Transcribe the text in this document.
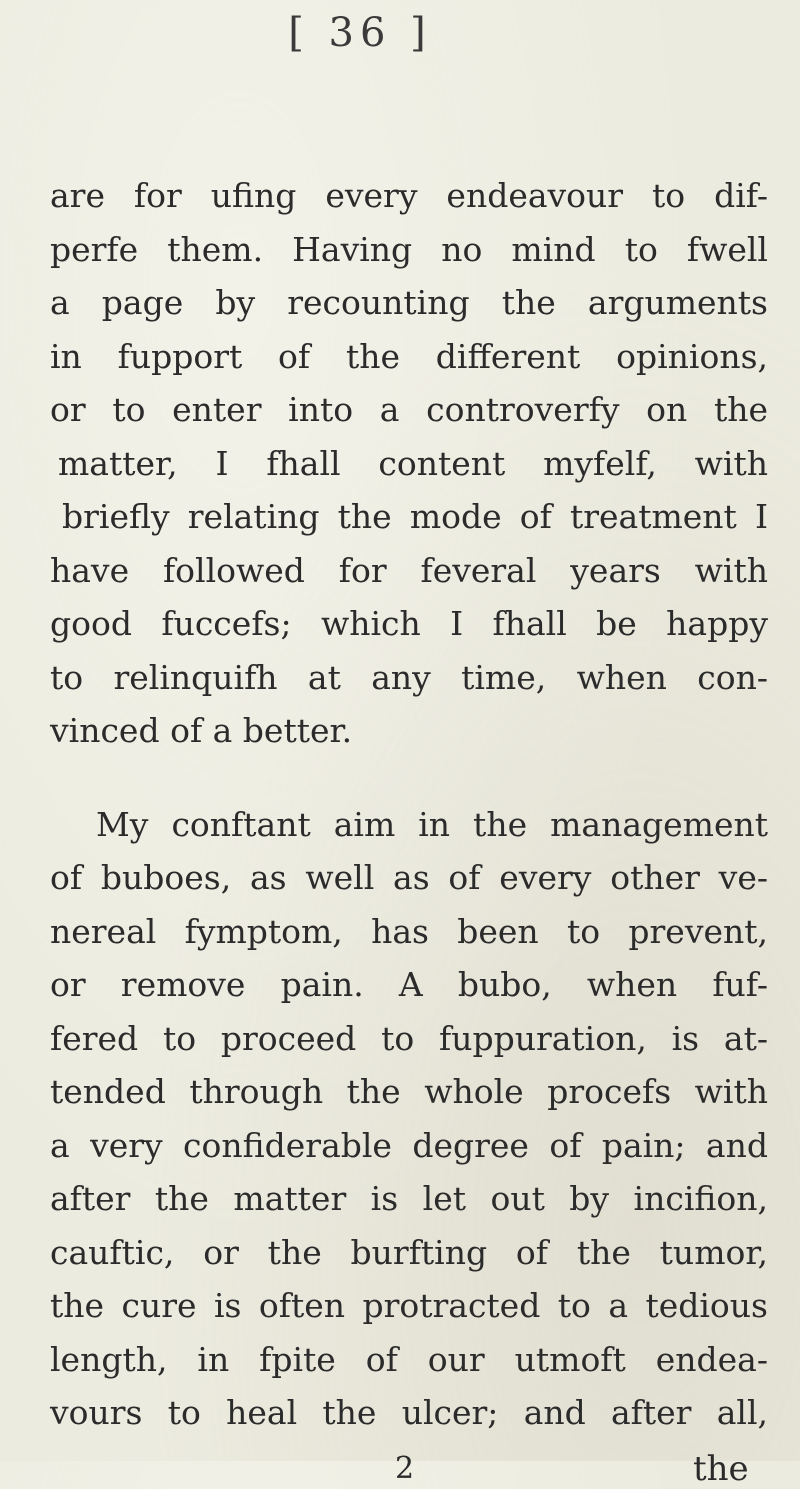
[ 36 ]
are for ufing every endeavour to dif-
perfe them. Having no mind to fwell
a page by recounting the arguments
in fupport of the different opinions,
or to enter into a controverfy on the
matter, I fhall content myfelf, with
briefly relating the mode of treatment I
have followed for feveral years with
good fuccefs; which I fhall be happy
to relinquifh at any time, when con-
vinced of a better.
My conftant aim in the management
of buboes, as well as of every other ve-
nereal fymptom, has been to prevent,
or remove pain. A bubo, when fuf-
fered to proceed to fuppuration, is at-
tended through the whole procefs with
a very confiderable degree of pain; and
after the matter is let out by incifion,
cauftic, or the burfting of the tumor,
the cure is often protracted to a tedious
length, in fpite of our utmoft endea-
vours to heal the ulcer; and after all,
2	the
